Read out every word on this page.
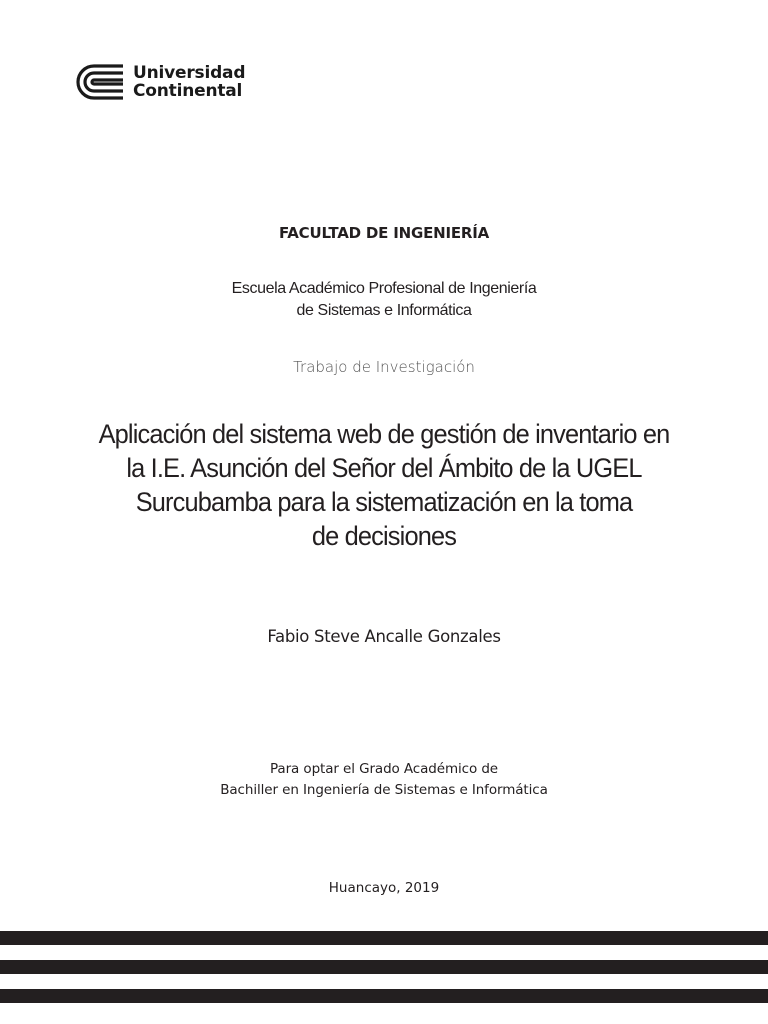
Universidad
Continental
FACULTAD DE INGENIERÍA
Escuela Académico Profesional de Ingeniería
de Sistemas e Informática
Trabajo de Investigación
Aplicación del sistema web de gestión de inventario en
la I.E. Asunción del Señor del Ámbito de la UGEL
Surcubamba para la sistematización en la toma
de decisiones
Fabio Steve Ancalle Gonzales
Para optar el Grado Académico de
Bachiller en Ingeniería de Sistemas e Informática
Huancayo, 2019
